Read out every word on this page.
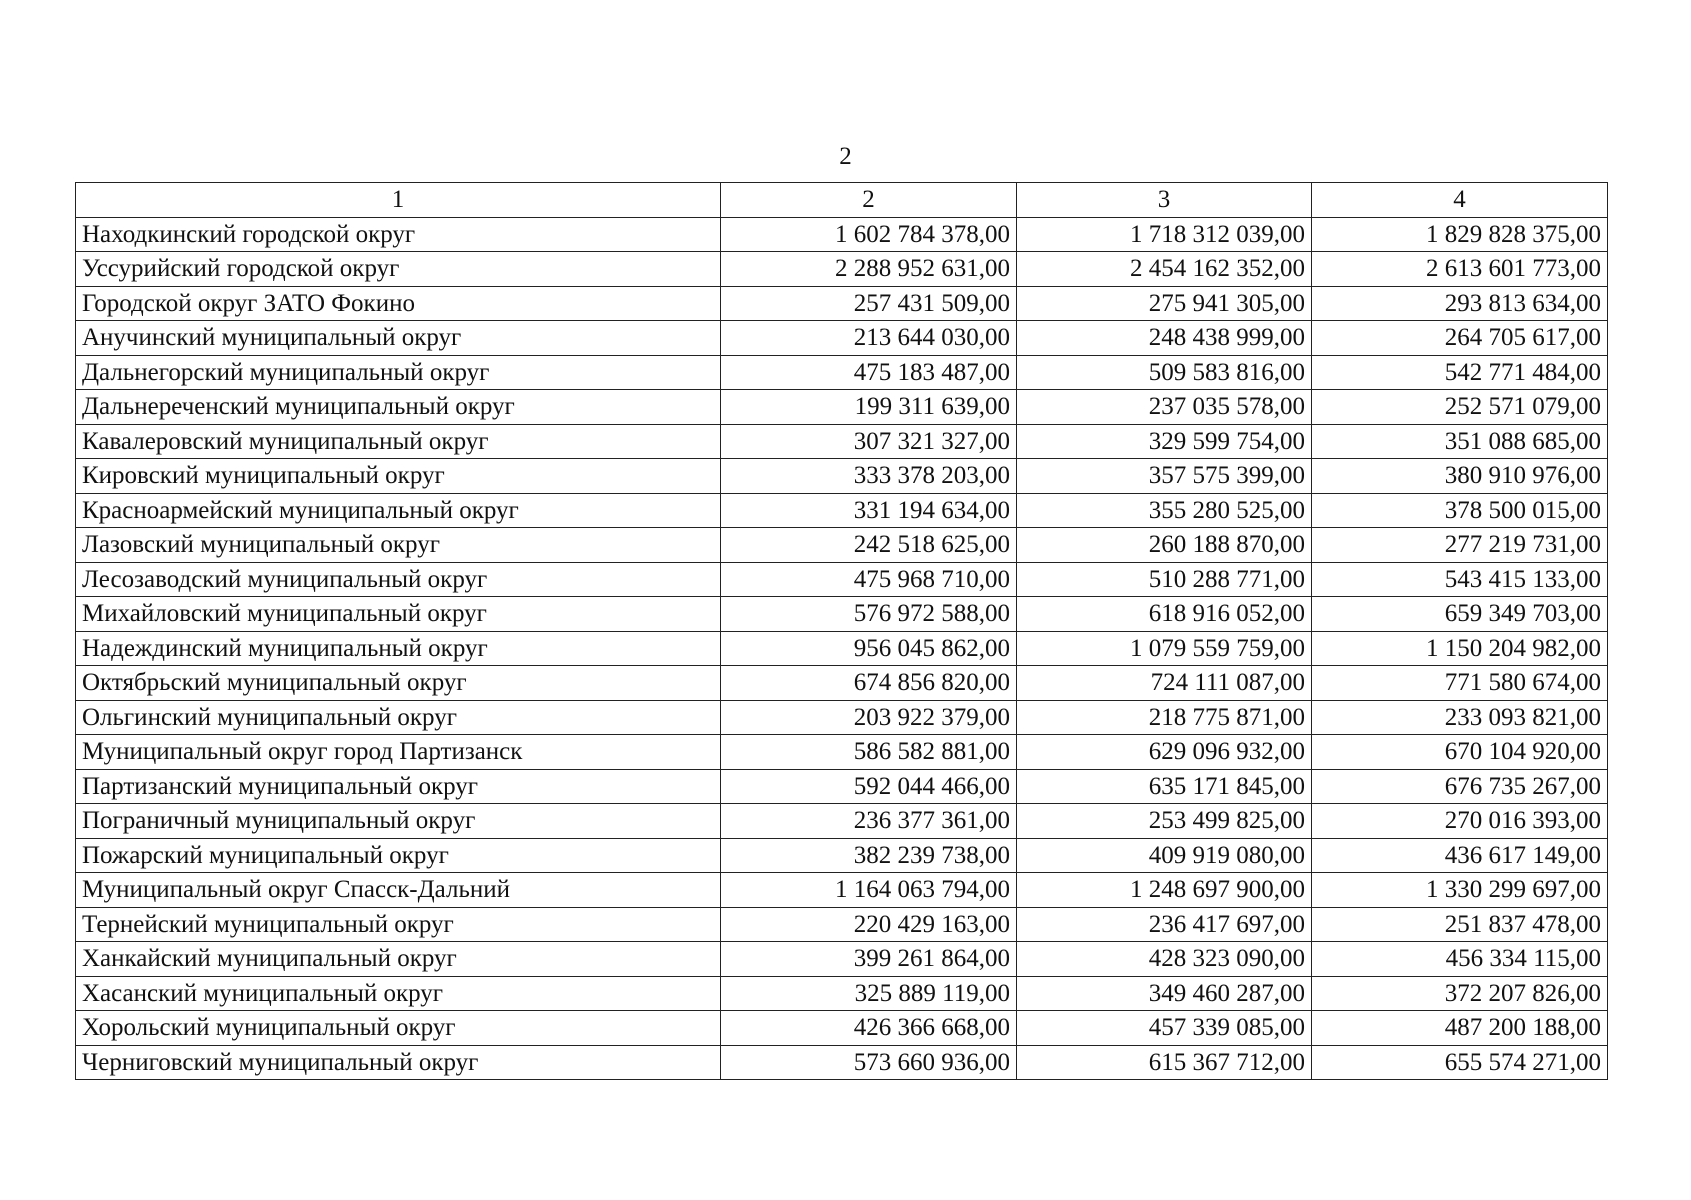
2
1	2	3	4
Находкинский городской округ	1 602 784 378,00	1 718 312 039,00	1 829 828 375,00
Уссурийский городской округ	2 288 952 631,00	2 454 162 352,00	2 613 601 773,00
Городской округ ЗАТО Фокино	257 431 509,00	275 941 305,00	293 813 634,00
Анучинский муниципальный округ	213 644 030,00	248 438 999,00	264 705 617,00
Дальнегорский муниципальный округ	475 183 487,00	509 583 816,00	542 771 484,00
Дальнереченский муниципальный округ	199 311 639,00	237 035 578,00	252 571 079,00
Кавалеровский муниципальный округ	307 321 327,00	329 599 754,00	351 088 685,00
Кировский муниципальный округ	333 378 203,00	357 575 399,00	380 910 976,00
Красноармейский муниципальный округ	331 194 634,00	355 280 525,00	378 500 015,00
Лазовский муниципальный округ	242 518 625,00	260 188 870,00	277 219 731,00
Лесозаводский муниципальный округ	475 968 710,00	510 288 771,00	543 415 133,00
Михайловский муниципальный округ	576 972 588,00	618 916 052,00	659 349 703,00
Надеждинский муниципальный округ	956 045 862,00	1 079 559 759,00	1 150 204 982,00
Октябрьский муниципальный округ	674 856 820,00	724 111 087,00	771 580 674,00
Ольгинский муниципальный округ	203 922 379,00	218 775 871,00	233 093 821,00
Муниципальный округ город Партизанск	586 582 881,00	629 096 932,00	670 104 920,00
Партизанский муниципальный округ	592 044 466,00	635 171 845,00	676 735 267,00
Пограничный муниципальный округ	236 377 361,00	253 499 825,00	270 016 393,00
Пожарский муниципальный округ	382 239 738,00	409 919 080,00	436 617 149,00
Муниципальный округ Спасск-Дальний	1 164 063 794,00	1 248 697 900,00	1 330 299 697,00
Тернейский муниципальный округ	220 429 163,00	236 417 697,00	251 837 478,00
Ханкайский муниципальный округ	399 261 864,00	428 323 090,00	456 334 115,00
Хасанский муниципальный округ	325 889 119,00	349 460 287,00	372 207 826,00
Хорольский муниципальный округ	426 366 668,00	457 339 085,00	487 200 188,00
Черниговский муниципальный округ	573 660 936,00	615 367 712,00	655 574 271,00
